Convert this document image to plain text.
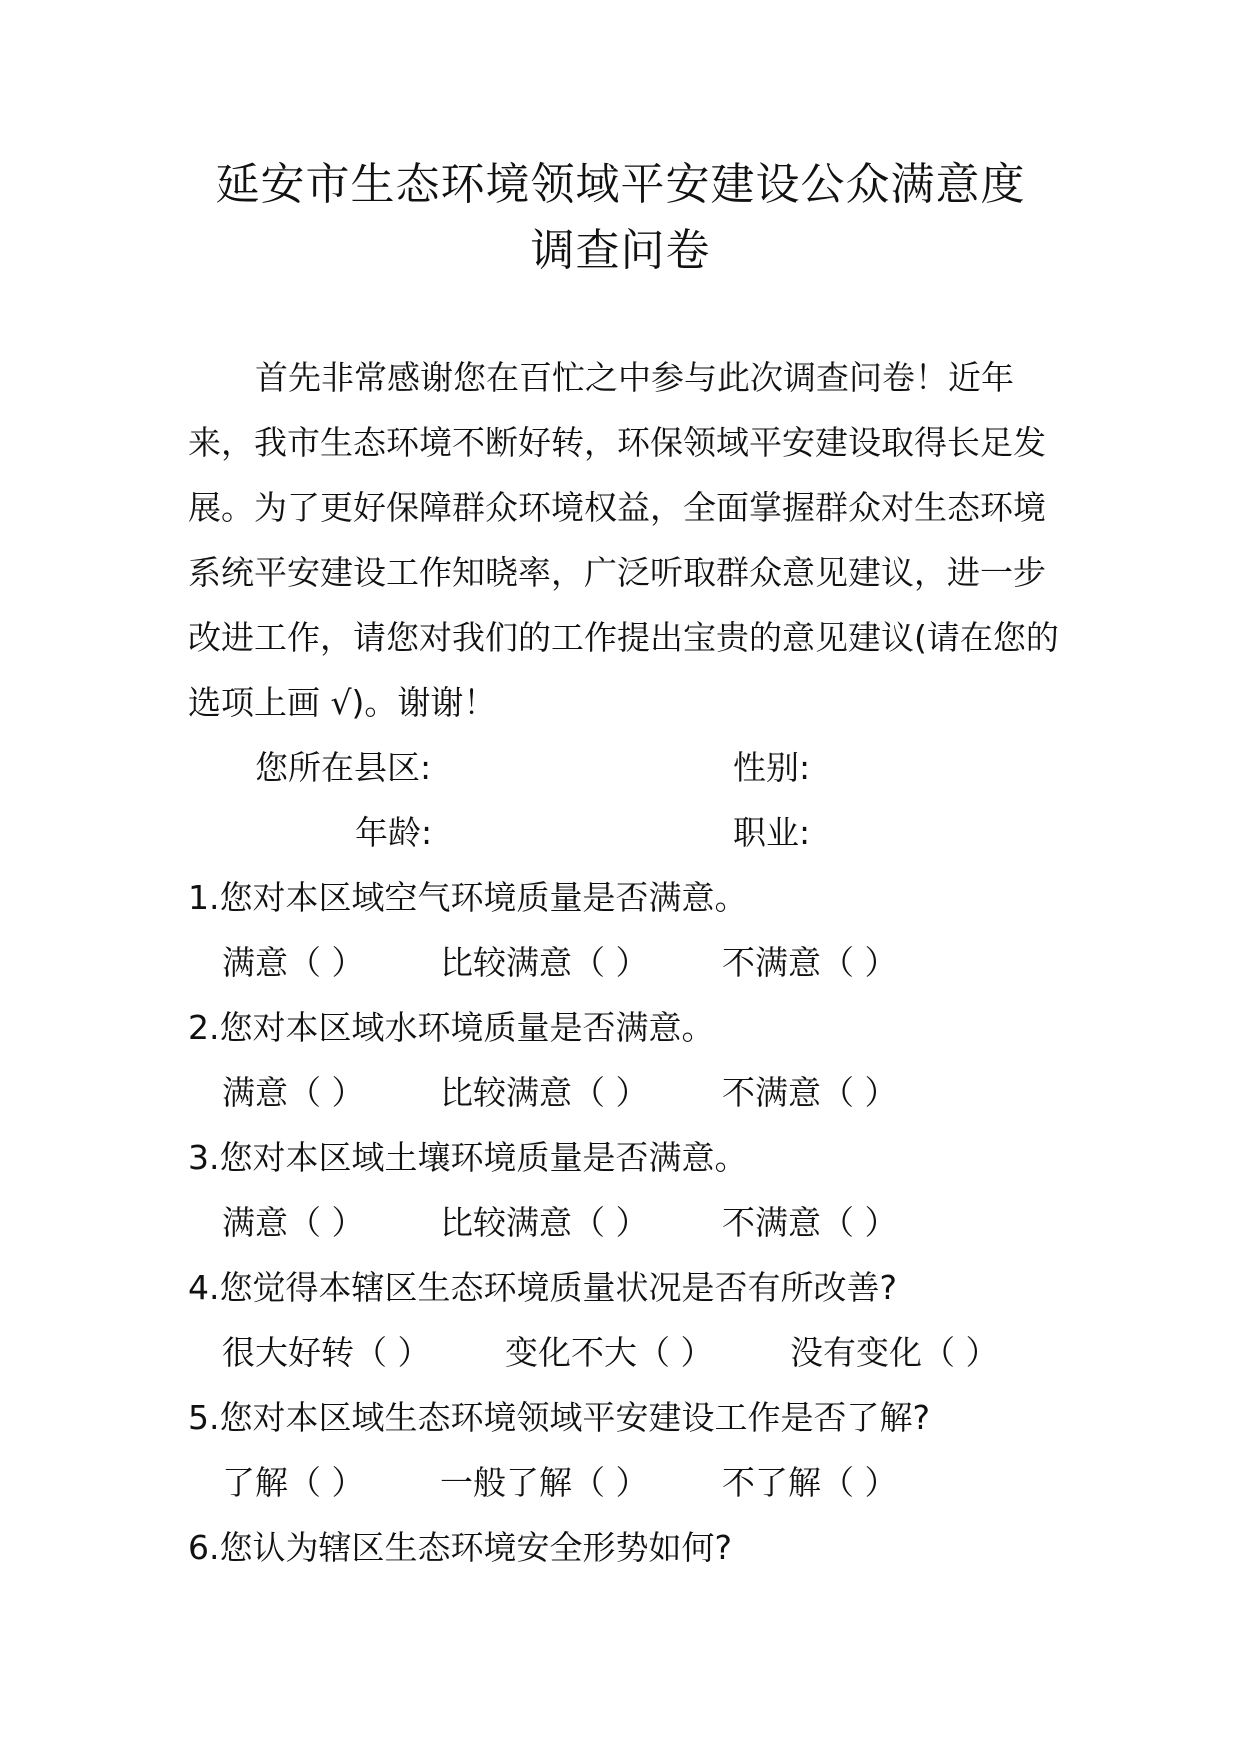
延安市生态环境领域平安建设公众满意度
调查问卷
首先非常感谢您在百忙之中参与此次调查问卷！近年
来，我市生态环境不断好转，环保领域平安建设取得长足发
展。为了更好保障群众环境权益，全面掌握群众对生态环境
系统平安建设工作知晓率，广泛听取群众意见建议，进一步
改进工作，请您对我们的工作提出宝贵的意见建议(请在您的
选项上画 √)。谢谢！
您所在县区:	性别:
年龄:	职业:
1.您对本区域空气环境质量是否满意。
满意（ ） 比较满意（ ） 不满意（ ）
2.您对本区域水环境质量是否满意。
满意（ ） 比较满意（ ） 不满意（ ）
3.您对本区域土壤环境质量是否满意。
满意（ ） 比较满意（ ） 不满意（ ）
4.您觉得本辖区生态环境质量状况是否有所改善?
很大好转（ ） 变化不大（ ） 没有变化（ ）
5.您对本区域生态环境领域平安建设工作是否了解?
了解（ ） 一般了解（ ） 不了解（ ）
6.您认为辖区生态环境安全形势如何?
